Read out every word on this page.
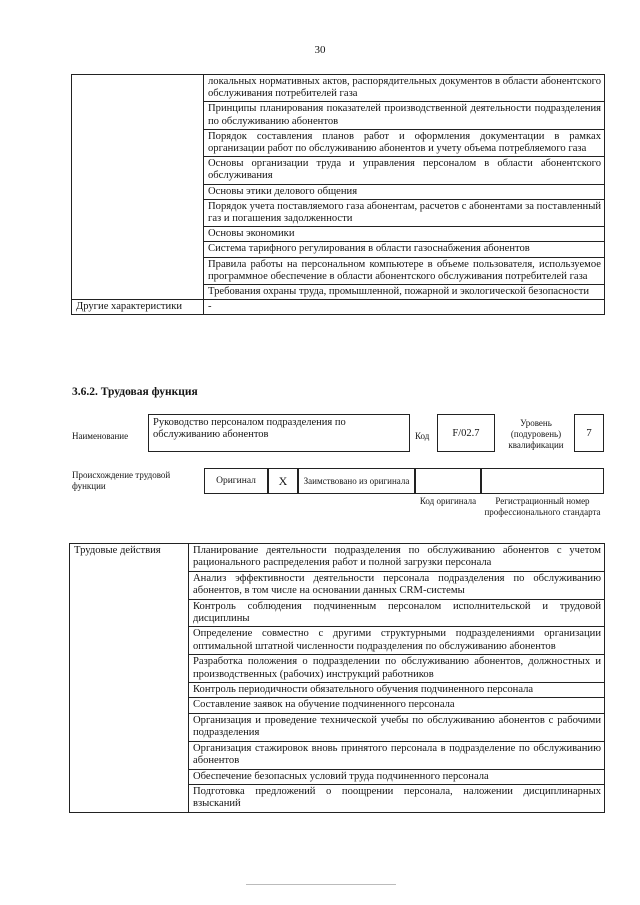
30
	локальных нормативных актов, распорядительных документов в области абонентского обслуживания потребителей газа
	Принципы планирования показателей производственной деятельности подразделения по обслуживанию абонентов
	Порядок составления планов работ и оформления документации в рамках организации работ по обслуживанию абонентов и учету объема потребляемого газа
	Основы организации труда и управления персоналом в области абонентского обслуживания
	Основы этики делового общения
	Порядок учета поставляемого газа абонентам, расчетов с абонентами за поставленный газ и погашения задолженности
	Основы экономики
	Система тарифного регулирования в области газоснабжения абонентов
	Правила работы на персональном компьютере в объеме пользователя, используемое программное обеспечение в области абонентского обслуживания потребителей газа
	Требования охраны труда, промышленной, пожарной и экологической безопасности
Другие характеристики	-
3.6.2. Трудовая функция
Наименование
Руководство персоналом подразделения по обслуживанию абонентов	Код	F/02.7
Уровень (подуровень) квалификации
7
Происхождение трудовой функции	Оригинал	X	Заимствовано из оригинала
Код оригинала	Регистрационный номер профессионального стандарта
Трудовые действия	Планирование деятельности подразделения по обслуживанию абонентов с учетом рационального распределения работ и полной загрузки персонала
Анализ эффективности деятельности персонала подразделения по обслуживанию абонентов, в том числе на основании данных CRM-системы
Контроль соблюдения подчиненным персоналом исполнительской и трудовой дисциплины
Определение совместно с другими структурными подразделениями организации оптимальной штатной численности подразделения по обслуживанию абонентов
Разработка положения о подразделении по обслуживанию абонентов, должностных и производственных (рабочих) инструкций работников
Контроль периодичности обязательного обучения подчиненного персонала
Составление заявок на обучение подчиненного персонала
Организация и проведение технической учебы по обслуживанию абонентов с рабочими подразделения
Организация стажировок вновь принятого персонала в подразделение по обслуживанию абонентов
Обеспечение безопасных условий труда подчиненного персонала
Подготовка предложений о поощрении персонала, наложении дисциплинарных взысканий
